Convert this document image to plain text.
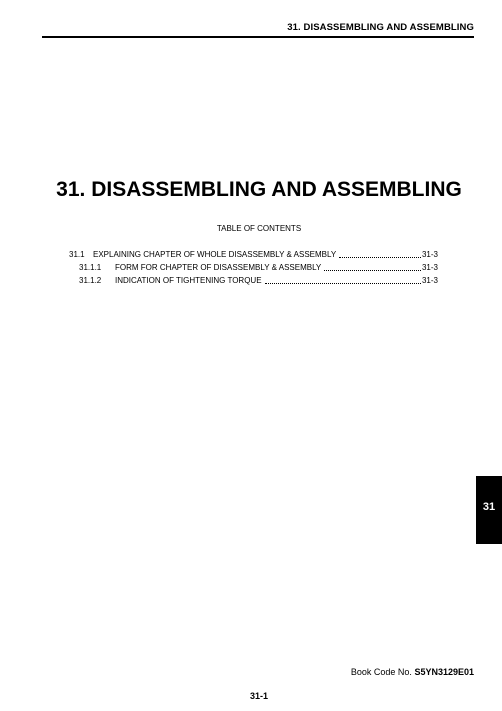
31. DISASSEMBLING AND ASSEMBLING
31. DISASSEMBLING AND ASSEMBLING
TABLE OF CONTENTS
31.1	EXPLAINING CHAPTER OF WHOLE DISASSEMBLY & ASSEMBLY	31-3
31.1.1	FORM FOR CHAPTER OF DISASSEMBLY & ASSEMBLY	31-3
31.1.2	INDICATION OF TIGHTENING TORQUE	31-3
31
Book Code No. S5YN3129E01
31-1
